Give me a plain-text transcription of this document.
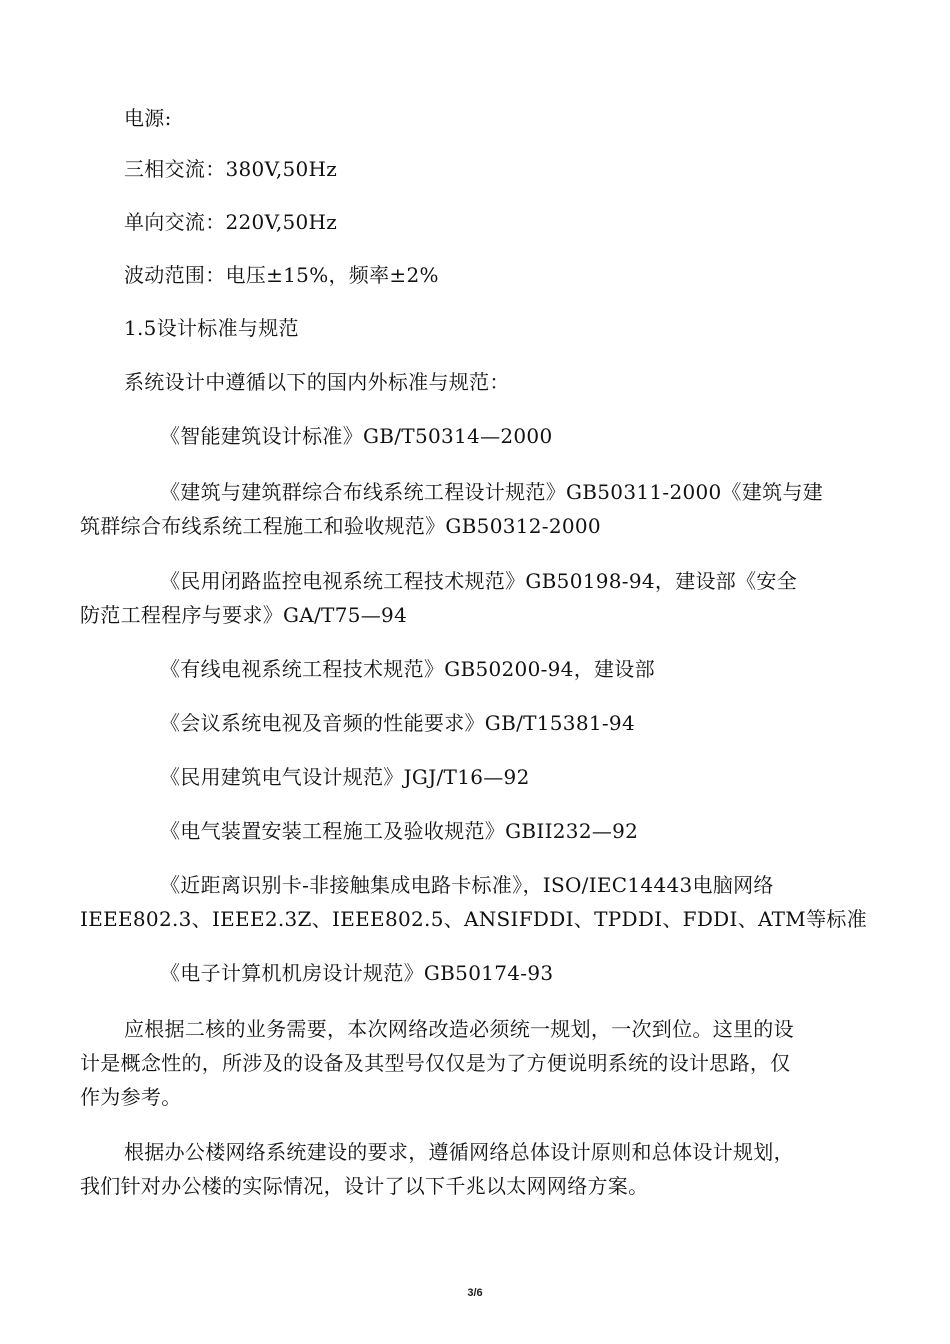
电源:
三相交流：380V,50Hz
单向交流：220V,50Hz
波动范围：电压±15%，频率±2%
1.5设计标准与规范
系统设计中遵循以下的国内外标准与规范：
《智能建筑设计标准》GB/T50314—2000
《建筑与建筑群综合布线系统工程设计规范》GB50311-2000《建筑与建
筑群综合布线系统工程施工和验收规范》GB50312-2000
《民用闭路监控电视系统工程技术规范》GB50198-94，建设部《安全
防范工程程序与要求》GA/T75—94
《有线电视系统工程技术规范》GB50200-94，建设部
《会议系统电视及音频的性能要求》GB/T15381-94
《民用建筑电气设计规范》JGJ/T16—92
《电气装置安装工程施工及验收规范》GBII232—92
《近距离识别卡-非接触集成电路卡标准》，ISO/IEC14443电脑网络
IEEE802.3、IEEE2.3Z、IEEE802.5、ANSIFDDI、TPDDI、FDDI、ATM等标准
《电子计算机机房设计规范》GB50174-93
应根据二核的业务需要，本次网络改造必须统一规划，一次到位。这里的设
计是概念性的，所涉及的设备及其型号仅仅是为了方便说明系统的设计思路，仅
作为参考。
根据办公楼网络系统建设的要求，遵循网络总体设计原则和总体设计规划，
我们针对办公楼的实际情况，设计了以下千兆以太网网络方案。
3/6
